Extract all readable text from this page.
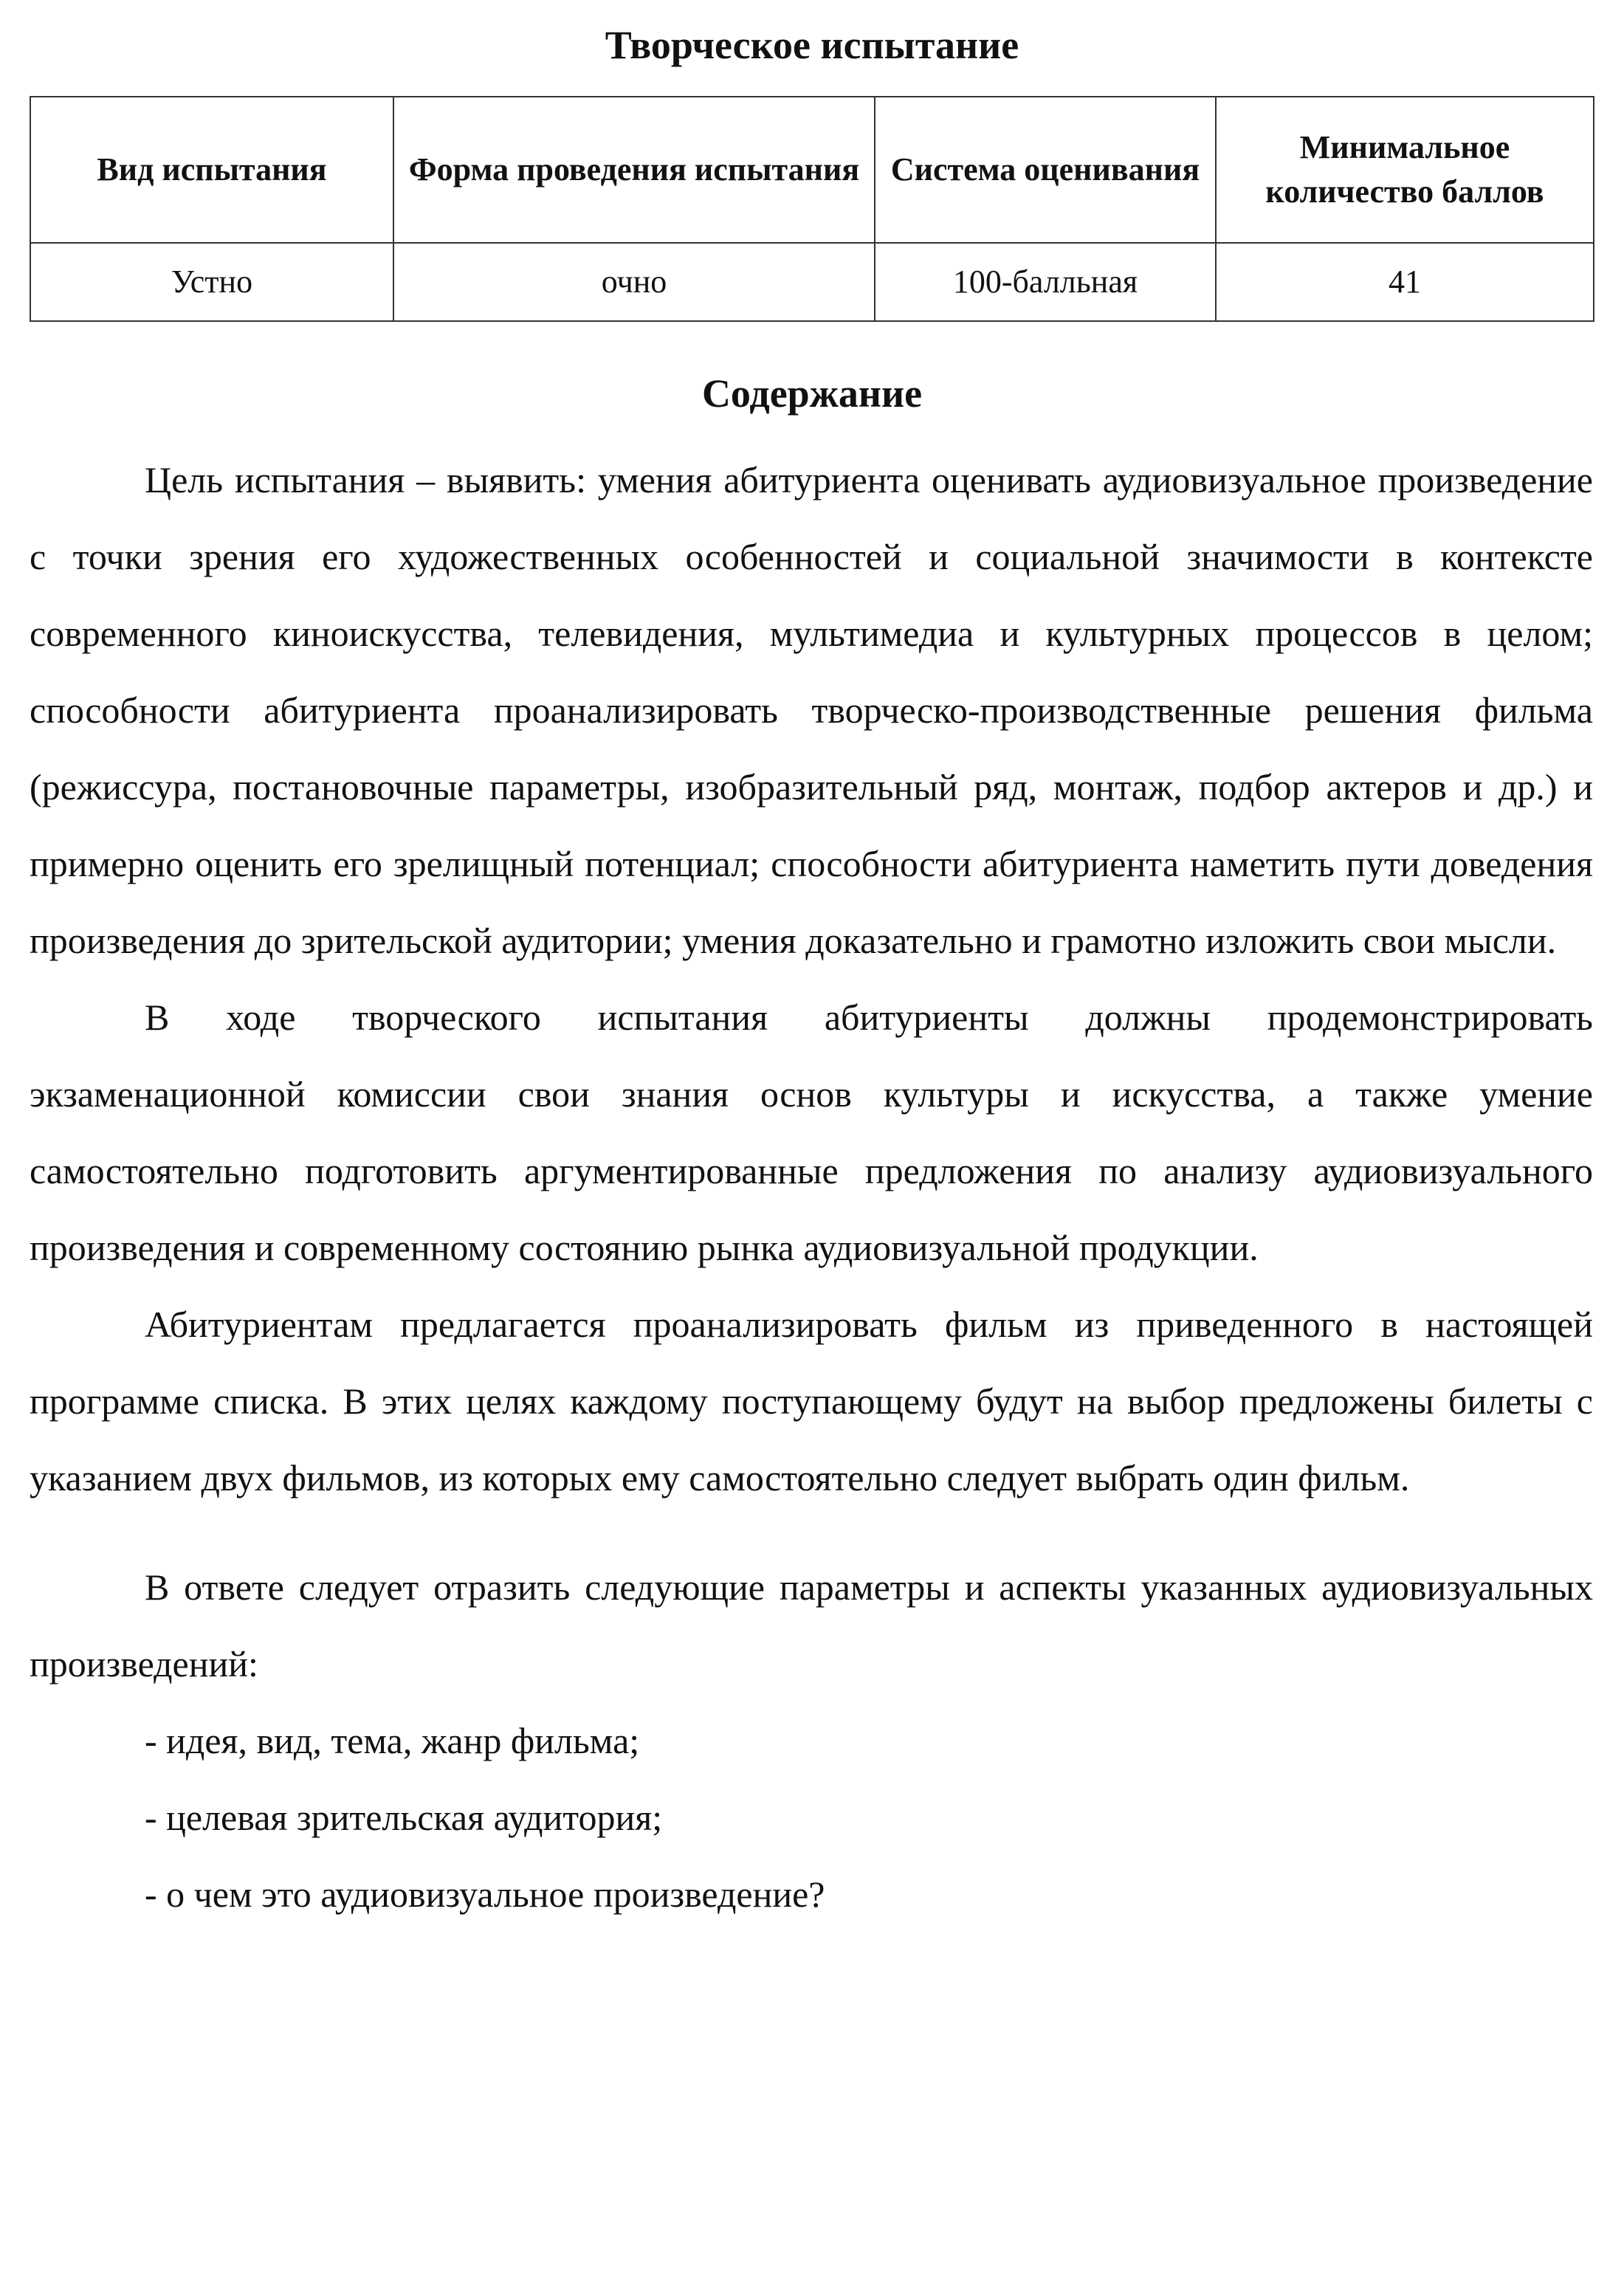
Творческое испытание
Вид испытания	Форма проведения испытания	Система оценивания	Минимальное количество баллов
Устно	очно	100-балльная	41
Содержание

Цель испытания – выявить: умения абитуриента оценивать аудиовизуальное произведение с точки зрения его художественных особенностей и социальной значимости в контексте современного киноискусства, телевидения, мультимедиа и культурных процессов в целом; способности абитуриента проанализировать творческо-производственные решения фильма (режиссура, постановочные параметры, изобразительный ряд, монтаж, подбор актеров и др.) и примерно оценить его зрелищный потенциал; способности абитуриента наметить пути доведения произведения до зрительской аудитории; умения доказательно и грамотно изложить свои мысли.

В ходе творческого испытания абитуриенты должны продемонстрировать экзаменационной комиссии свои знания основ культуры и искусства, а также умение самостоятельно подготовить аргументированные предложения по анализу аудиовизуального произведения и современному состоянию рынка аудиовизуальной продукции.

Абитуриентам предлагается проанализировать фильм из приведенного в настоящей программе списка. В этих целях каждому поступающему будут на выбор предложены билеты с указанием двух фильмов, из которых ему самостоятельно следует выбрать один фильм.

В ответе следует отразить следующие параметры и аспекты указанных аудиовизуальных произведений:

- идея, вид, тема, жанр фильма;

- целевая зрительская аудитория;

- о чем это аудиовизуальное произведение?
